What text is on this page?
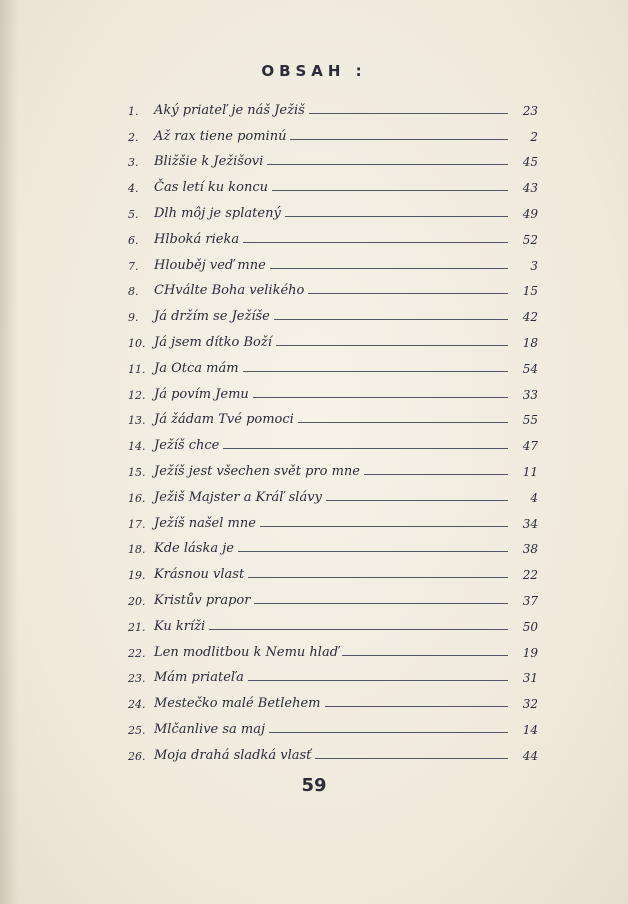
OBSAH :
1.	Aký priateľ je náš Ježiš	23
2.	Až rax tiene pominú	2
3.	Bližšie k Ježišovi	45
4.	Čas letí ku koncu	43
5.	Dlh môj je splatený	49
6.	Hlboká rieka	52
7.	Hlouběj veď mne	3
8.	CHválte Boha velikého	15
9.	Já držím se Ježíše	42
10. Já jsem dítko Boží	18
11. Ja Otca mám	54
12. Já povím Jemu	33
13. Já žádam Tvé pomoci	55
14. Ježíš chce	47
15. Ježíš jest všechen svět pro mne	11
16. Ježiš Majster a Kráľ slávy	4
17. Ježíš našel mne	34
18. Kde láska je	38
19. Krásnou vlast	22
20. Kristův prapor	37
21. Ku kríži	50
22. Len modlitbou k Nemu hlaď	19
23. Mám priateľa	31
24. Mestečko malé Betlehem	32
25. Mlčanlive sa maj	14
26. Moja drahá sladká vlasť	44
59
